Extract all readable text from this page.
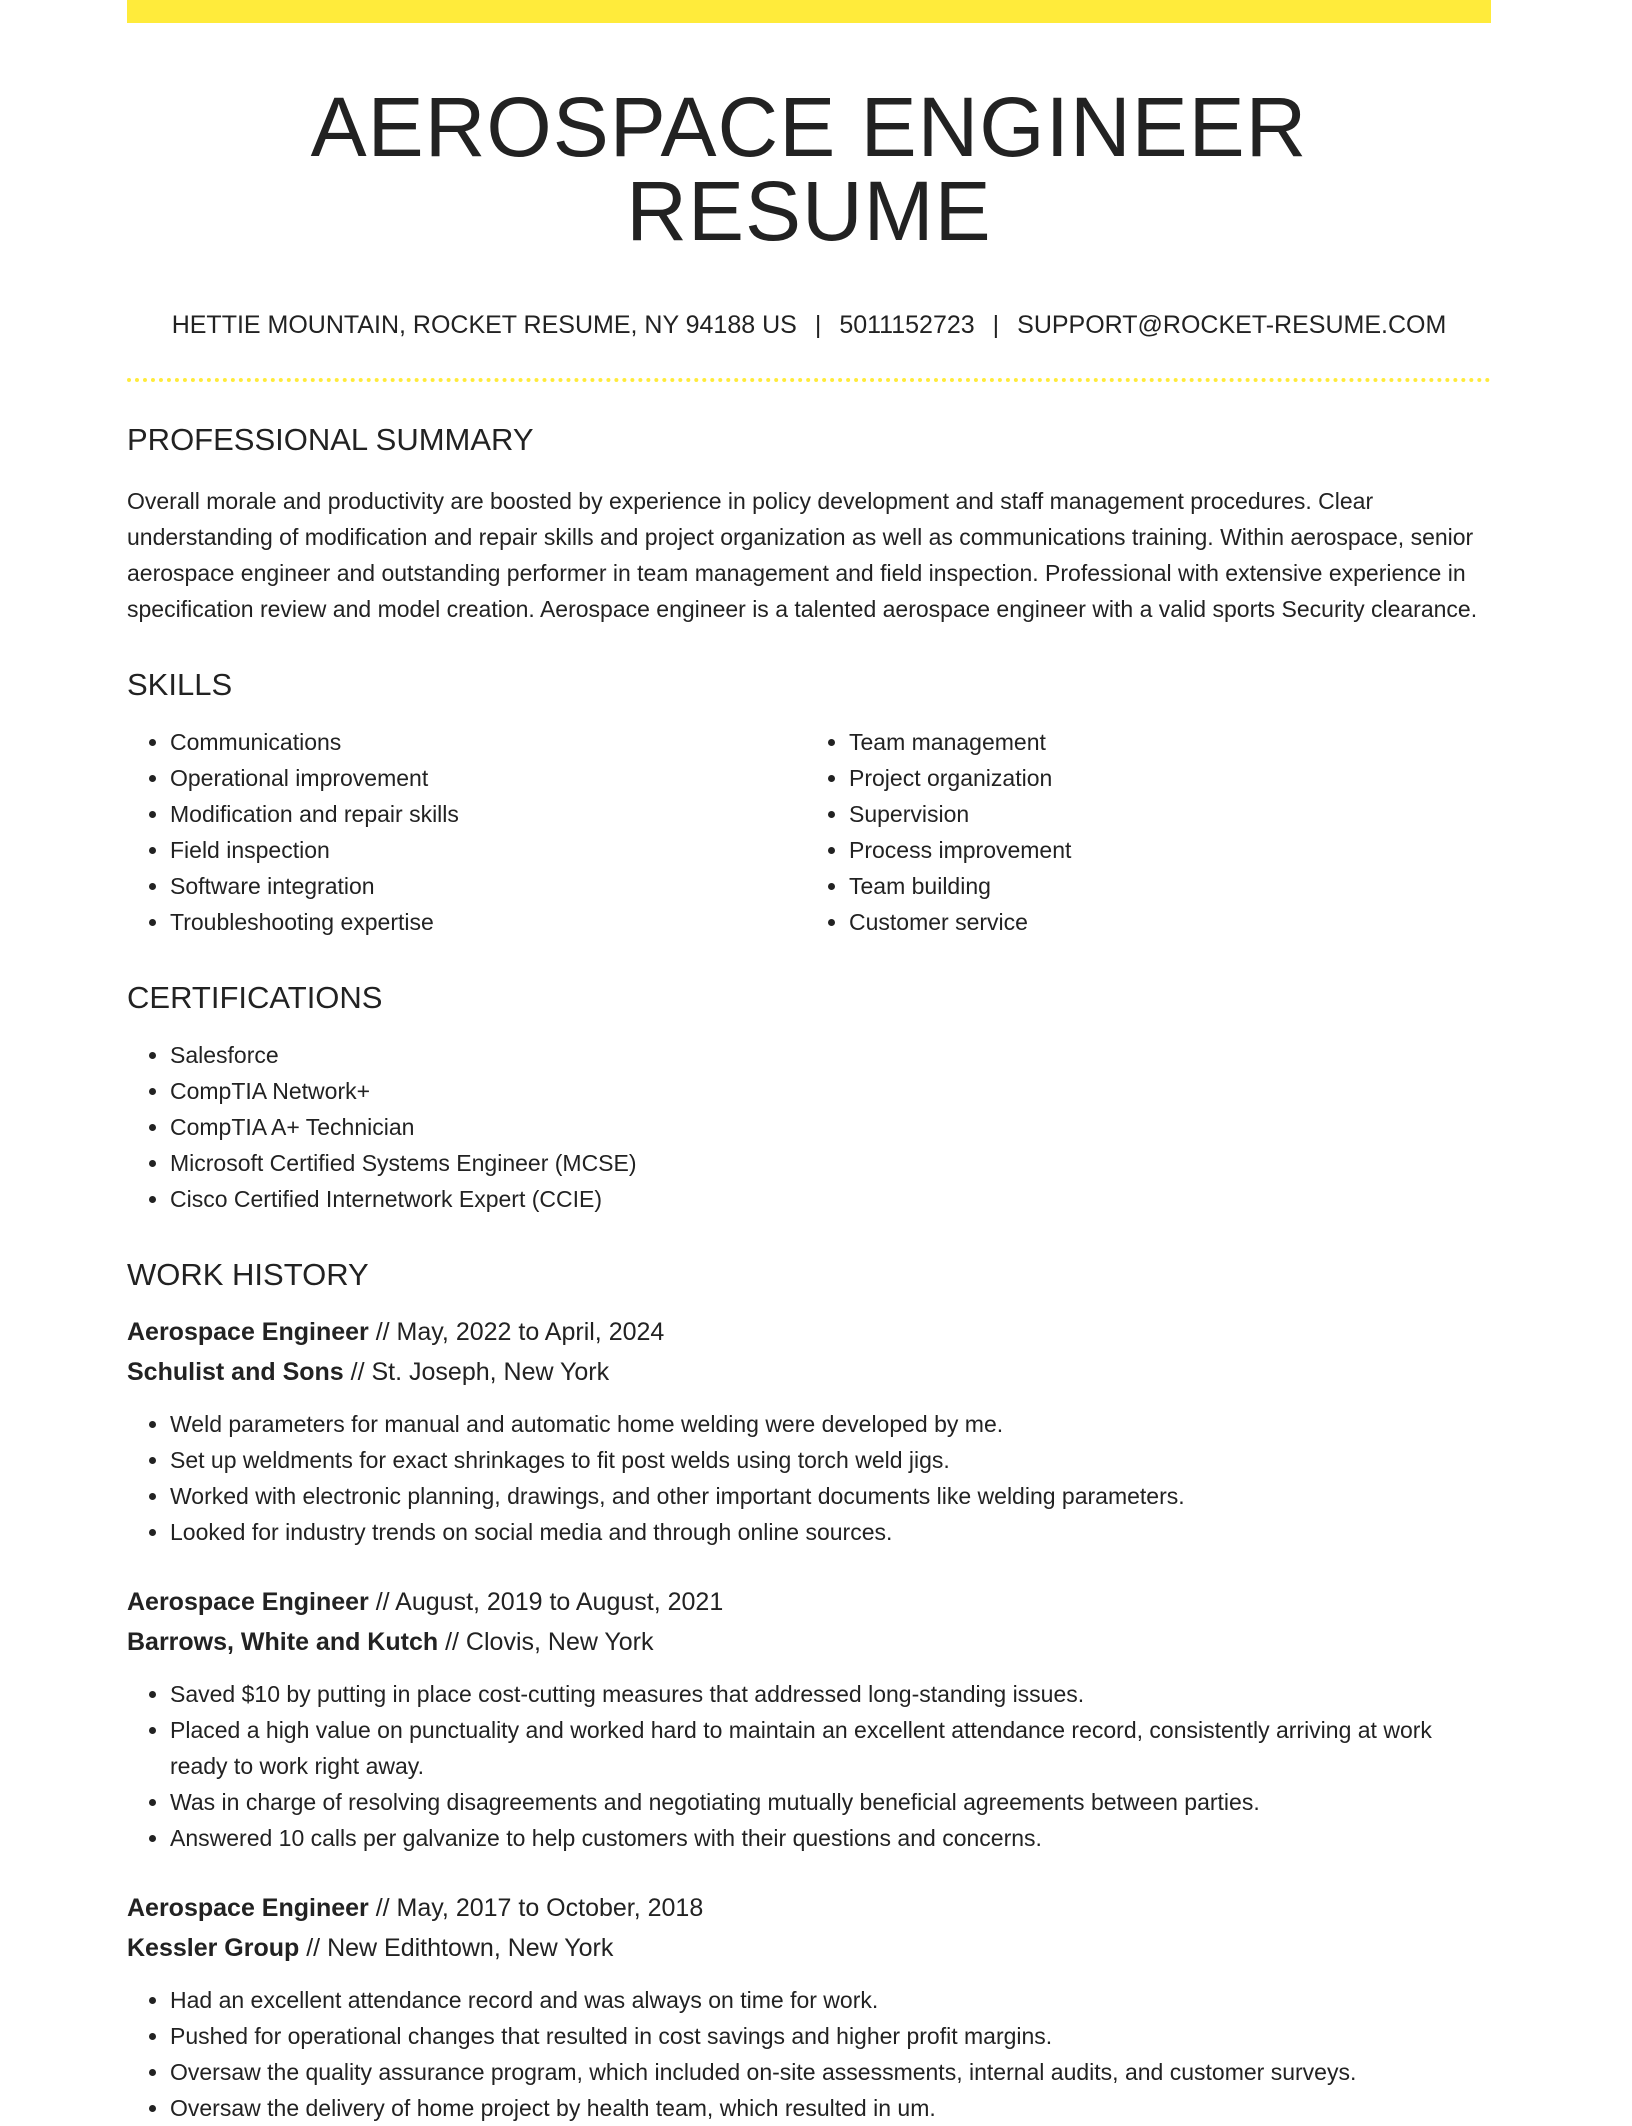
AEROSPACE ENGINEER RESUME
HETTIE MOUNTAIN, ROCKET RESUME, NY 94188 US | 5011152723 | SUPPORT@ROCKET-RESUME.COM
PROFESSIONAL SUMMARY

Overall morale and productivity are boosted by experience in policy development and staff management procedures. Clear understanding of modification and repair skills and project organization as well as communications training. Within aerospace, senior aerospace engineer and outstanding performer in team management and field inspection. Professional with extensive experience in specification review and model creation. Aerospace engineer is a talented aerospace engineer with a valid sports Security clearance.

SKILLS
• Communications
• Operational improvement
• Modification and repair skills
• Field inspection
• Software integration
• Troubleshooting expertise
• Team management
• Project organization
• Supervision
• Process improvement
• Team building
• Customer service
CERTIFICATIONS
• Salesforce
• CompTIA Network+
• CompTIA A+ Technician
• Microsoft Certified Systems Engineer (MCSE)
• Cisco Certified Internetwork Expert (CCIE)
WORK HISTORY
Aerospace Engineer // May, 2022 to April, 2024
Schulist and Sons // St. Joseph, New York
• Weld parameters for manual and automatic home welding were developed by me.
• Set up weldments for exact shrinkages to fit post welds using torch weld jigs.
• Worked with electronic planning, drawings, and other important documents like welding parameters.
• Looked for industry trends on social media and through online sources.
Aerospace Engineer // August, 2019 to August, 2021
Barrows, White and Kutch // Clovis, New York
• Saved $10 by putting in place cost-cutting measures that addressed long-standing issues.
• Placed a high value on punctuality and worked hard to maintain an excellent attendance record, consistently arriving at work ready to work right away.
• Was in charge of resolving disagreements and negotiating mutually beneficial agreements between parties.
• Answered 10 calls per galvanize to help customers with their questions and concerns.
Aerospace Engineer // May, 2017 to October, 2018
Kessler Group // New Edithtown, New York
• Had an excellent attendance record and was always on time for work.
• Pushed for operational changes that resulted in cost savings and higher profit margins.
• Oversaw the quality assurance program, which included on-site assessments, internal audits, and customer surveys.
• Oversaw the delivery of home project by health team, which resulted in um.
